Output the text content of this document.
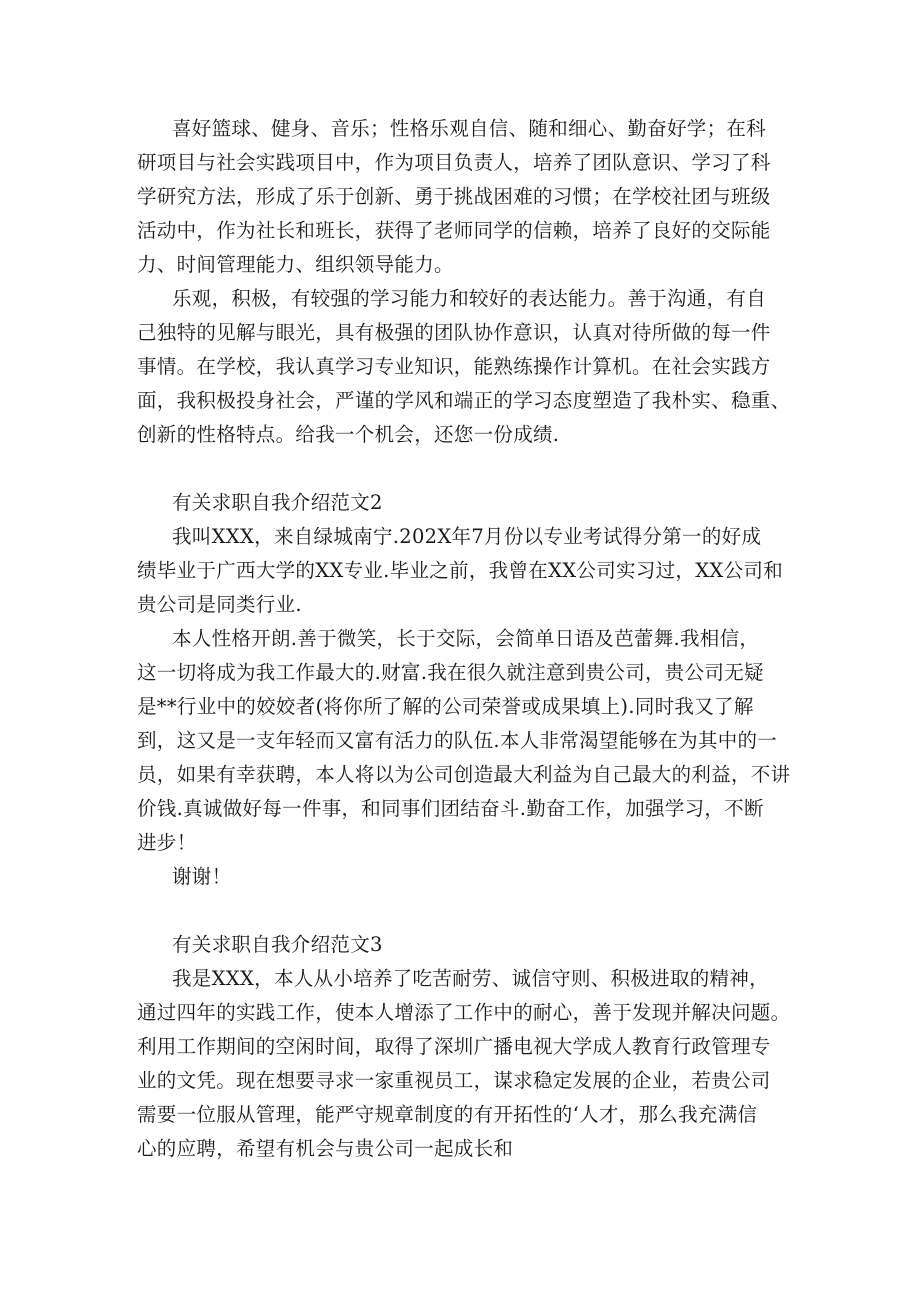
喜好篮球、健身、音乐；性格乐观自信、随和细心、勤奋好学；在科
研项目与社会实践项目中，作为项目负责人，培养了团队意识、学习了科
学研究方法，形成了乐于创新、勇于挑战困难的习惯；在学校社团与班级
活动中，作为社长和班长，获得了老师同学的信赖，培养了良好的交际能
力、时间管理能力、组织领导能力。
乐观，积极，有较强的学习能力和较好的表达能力。善于沟通，有自
己独特的见解与眼光，具有极强的团队协作意识，认真对待所做的每一件
事情。在学校，我认真学习专业知识，能熟练操作计算机。在社会实践方
面，我积极投身社会，严谨的学风和端正的学习态度塑造了我朴实、稳重、
创新的性格特点。给我一个机会，还您一份成绩.
有关求职自我介绍范文2
我叫XXX，来自绿城南宁.202X年7月份以专业考试得分第一的好成
绩毕业于广西大学的XX专业.毕业之前，我曾在XX公司实习过，XX公司和
贵公司是同类行业.
本人性格开朗.善于微笑，长于交际，会简单日语及芭蕾舞.我相信，
这一切将成为我工作最大的.财富.我在很久就注意到贵公司，贵公司无疑
是**行业中的姣姣者(将你所了解的公司荣誉或成果填上).同时我又了解
到，这又是一支年轻而又富有活力的队伍.本人非常渴望能够在为其中的一
员，如果有幸获聘，本人将以为公司创造最大利益为自己最大的利益，不讲
价钱.真诚做好每一件事，和同事们团结奋斗.勤奋工作，加强学习，不断
进步！
谢谢！
有关求职自我介绍范文3
我是XXX，本人从小培养了吃苦耐劳、诚信守则、积极进取的精神，
通过四年的实践工作，使本人增添了工作中的耐心，善于发现并解决问题。
利用工作期间的空闲时间，取得了深圳广播电视大学成人教育行政管理专
业的文凭。现在想要寻求一家重视员工，谋求稳定发展的企业，若贵公司
需要一位服从管理，能严守规章制度的有开拓性的‘人才，那么我充满信
心的应聘，希望有机会与贵公司一起成长和
